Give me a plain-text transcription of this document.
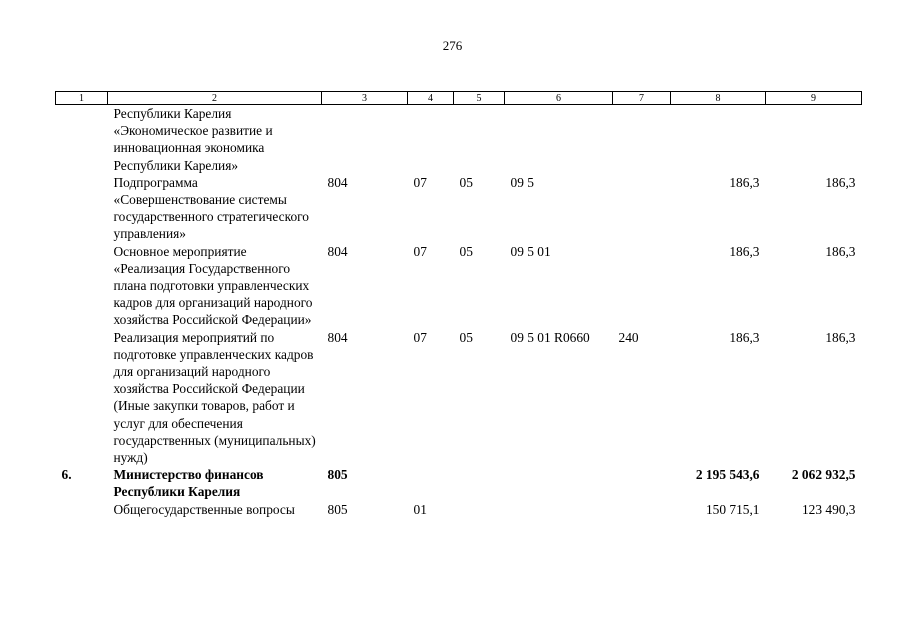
276
1	2	3	4	5	6	7	8	9
	Республики Карелия «Экономическое развитие и инновационная экономика Республики Карелия»							
	Подпрограмма «Совершенствование системы государственного стратегического управления»	804	07	05	09 5		186,3	186,3
	Основное мероприятие «Реализация Государственного плана подготовки управленческих кадров для организаций народного хозяйства Российской Федерации»	804	07	05	09 5 01		186,3	186,3
	Реализация мероприятий по подготовке управленческих кадров для организаций народного хозяйства Российской Федерации (Иные закупки товаров, работ и услуг для обеспечения государственных (муниципальных) нужд)	804	07	05	09 5 01 R0660	240	186,3	186,3
6.	Министерство финансов Республики Карелия	805					2 195 543,6	2 062 932,5
	Общегосударственные вопросы	805	01				150 715,1	123 490,3
